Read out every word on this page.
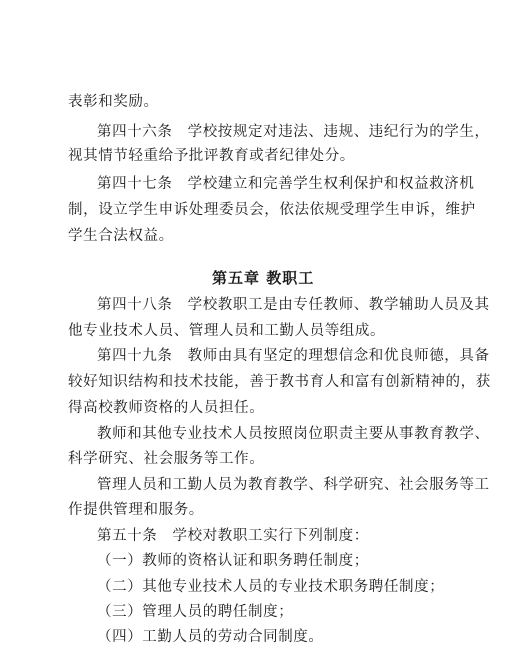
表彰和奖励。
第四十六条　学校按规定对违法、违规、违纪行为的学生，
视其情节轻重给予批评教育或者纪律处分。
第四十七条　学校建立和完善学生权利保护和权益救济机
制，设立学生申诉处理委员会，依法依规受理学生申诉，维护
学生合法权益。
第五章 教职工
第四十八条　学校教职工是由专任教师、教学辅助人员及其
他专业技术人员、管理人员和工勤人员等组成。
第四十九条　教师由具有坚定的理想信念和优良师德，具备
较好知识结构和技术技能，善于教书育人和富有创新精神的，获
得高校教师资格的人员担任。
教师和其他专业技术人员按照岗位职责主要从事教育教学、
科学研究、社会服务等工作。
管理人员和工勤人员为教育教学、科学研究、社会服务等工
作提供管理和服务。
第五十条　学校对教职工实行下列制度：
（一）教师的资格认证和职务聘任制度；
（二）其他专业技术人员的专业技术职务聘任制度；
（三）管理人员的聘任制度；
（四）工勤人员的劳动合同制度。
